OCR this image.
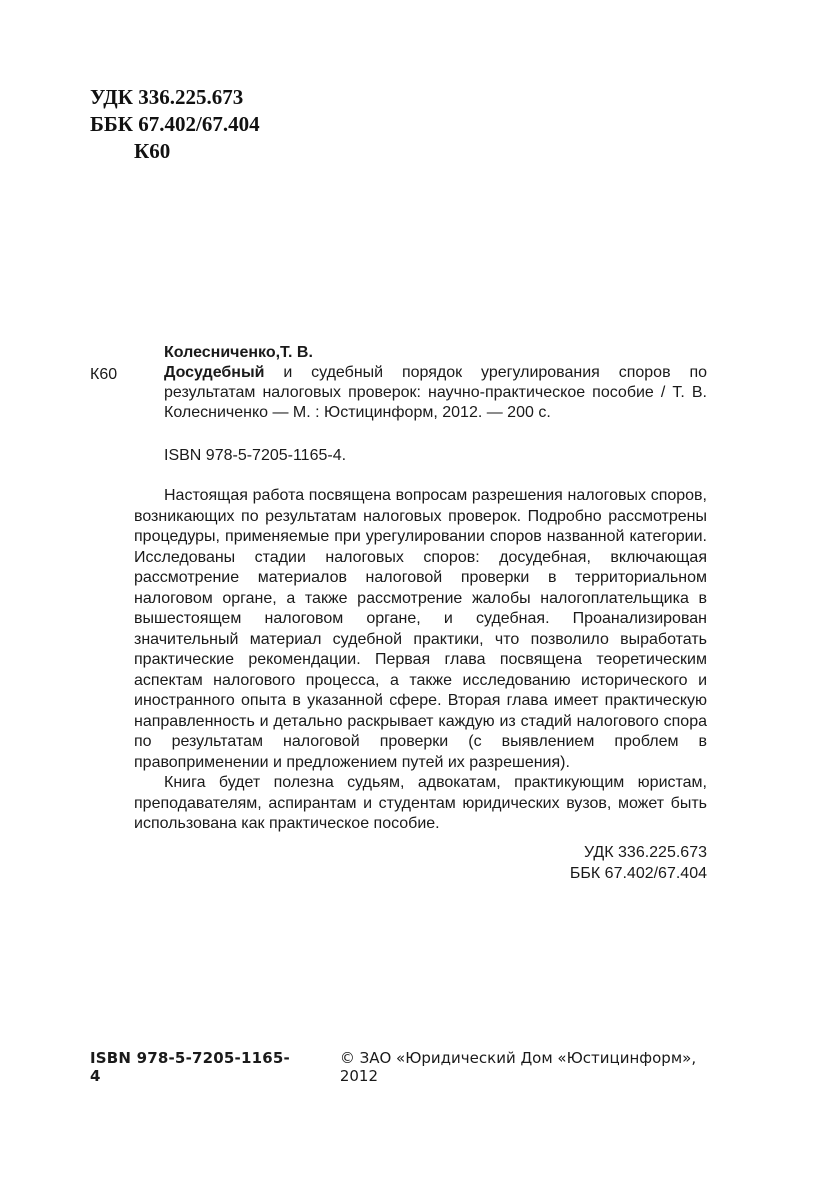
УДК 336.225.673
ББК 67.402/67.404
К60
К60
Колесниченко,Т. В.
Досудебный и судебный порядок урегулирования споров по результатам налоговых проверок: научно-практическое пособие / Т. В. Колесниченко — М. : Юстицинформ, 2012. — 200 с.
ISBN 978-5-7205-1165-4.

Настоящая работа посвящена вопросам разрешения налоговых споров, возникающих по результатам налоговых проверок. Подробно рассмотрены процедуры, применяемые при урегулировании споров названной категории. Исследованы стадии налоговых споров: досудебная, включающая рассмотрение материалов налоговой проверки в территориальном налоговом органе, а также рассмотрение жалобы налогоплательщика в вышестоящем налоговом органе, и судебная. Проанализирован значительный материал судебной практики, что позволило выработать практические рекомендации. Первая глава посвящена теоретическим аспектам налогового процесса, а также исследованию исторического и иностранного опыта в указанной сфере. Вторая глава имеет практическую направленность и детально раскрывает каждую из стадий налогового спора по результатам налоговой проверки (с выявлением проблем в правоприменении и предложением путей их разрешения).

Книга будет полезна судьям, адвокатам, практикующим юристам, преподавателям, аспирантам и студентам юридических вузов, может быть использована как практическое пособие.

УДК 336.225.673
ББК 67.402/67.404
ISBN 978-5-7205-1165-4
© ЗАО «Юридический Дом «Юстицинформ», 2012
